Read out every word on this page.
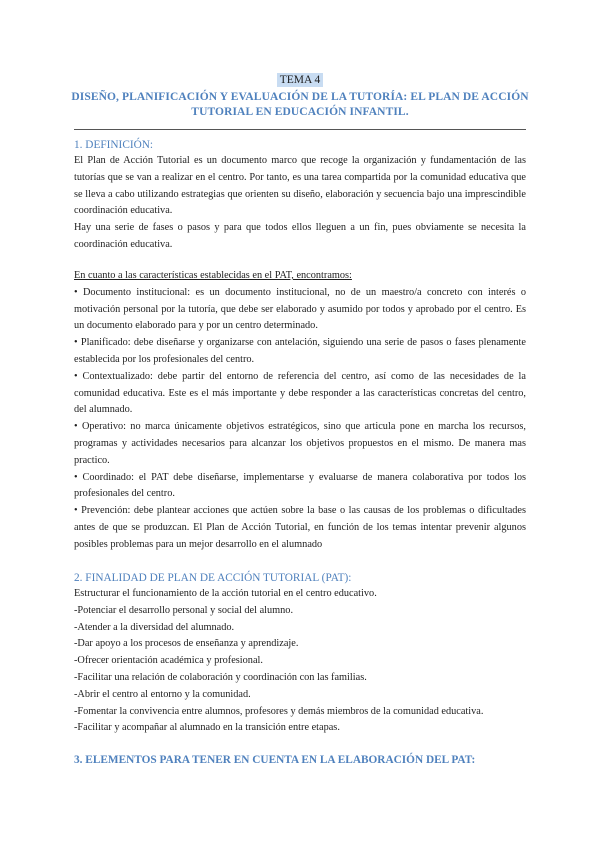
TEMA 4
DISEÑO, PLANIFICACIÓN Y EVALUACIÓN DE LA TUTORÍA: EL PLAN DE ACCIÓN
TUTORIAL EN EDUCACIÓN INFANTIL.
1. DEFINICIÓN:

El Plan de Acción Tutorial es un documento marco que recoge la organización y fundamentación de las tutorías que se van a realizar en el centro. Por tanto, es una tarea compartida por la comunidad educativa que se lleva a cabo utilizando estrategias que orienten su diseño, elaboración y secuencia bajo una imprescindible coordinación educativa.

Hay una serie de fases o pasos y para que todos ellos lleguen a un fin, pues obviamente se necesita la coordinación educativa.

En cuanto a las características establecidas en el PAT, encontramos:

• Documento institucional: es un documento institucional, no de un maestro/a concreto con interés o motivación personal por la tutoría, que debe ser elaborado y asumido por todos y aprobado por el centro. Es un documento elaborado para y por un centro determinado.

• Planificado: debe diseñarse y organizarse con antelación, siguiendo una serie de pasos o fases plenamente establecida por los profesionales del centro.

• Contextualizado: debe partir del entorno de referencia del centro, así como de las necesidades de la comunidad educativa. Este es el más importante y debe responder a las características concretas del centro, del alumnado.

• Operativo: no marca únicamente objetivos estratégicos, sino que articula pone en marcha los recursos, programas y actividades necesarios para alcanzar los objetivos propuestos en el mismo. De manera mas practico.

• Coordinado: el PAT debe diseñarse, implementarse y evaluarse de manera colaborativa por todos los profesionales del centro.

• Prevención: debe plantear acciones que actúen sobre la base o las causas de los problemas o dificultades antes de que se produzcan. El Plan de Acción Tutorial, en función de los temas intentar prevenir algunos posibles problemas para un mejor desarrollo en el alumnado

2. FINALIDAD DE PLAN DE ACCIÓN TUTORIAL (PAT):

Estructurar el funcionamiento de la acción tutorial en el centro educativo.

-Potenciar el desarrollo personal y social del alumno.

-Atender a la diversidad del alumnado.

-Dar apoyo a los procesos de enseñanza y aprendizaje.

-Ofrecer orientación académica y profesional.

-Facilitar una relación de colaboración y coordinación con las familias.

-Abrir el centro al entorno y la comunidad.

-Fomentar la convivencia entre alumnos, profesores y demás miembros de la comunidad educativa.

-Facilitar y acompañar al alumnado en la transición entre etapas.

3. ELEMENTOS PARA TENER EN CUENTA EN LA ELABORACIÓN DEL PAT:
